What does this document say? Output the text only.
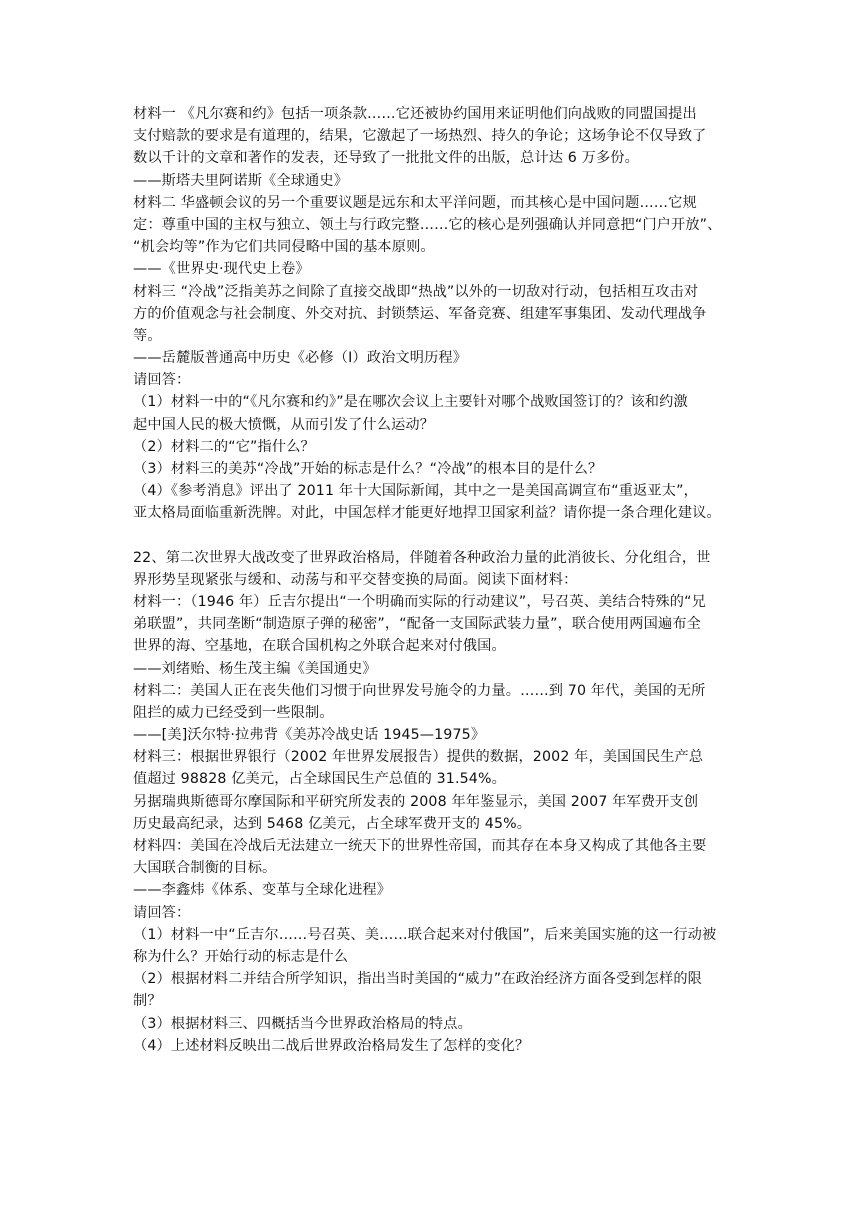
材料一 《凡尔赛和约》包括一项条款……它还被协约国用来证明他们向战败的同盟国提出
支付赔款的要求是有道理的，结果，它激起了一场热烈、持久的争论；这场争论不仅导致了
数以千计的文章和著作的发表，还导致了一批批文件的出版，总计达 6 万多份。
——斯塔夫里阿诺斯《全球通史》
材料二 华盛顿会议的另一个重要议题是远东和太平洋问题，而其核心是中国问题……它规
定：尊重中国的主权与独立、领土与行政完整……它的核心是列强确认并同意把“门户开放”、
“机会均等”作为它们共同侵略中国的基本原则。
——《世界史·现代史上卷》
材料三 “冷战”泛指美苏之间除了直接交战即“热战”以外的一切敌对行动，包括相互攻击对
方的价值观念与社会制度、外交对抗、封锁禁运、军备竞赛、组建军事集团、发动代理战争
等。
——岳麓版普通高中历史《必修（Ⅰ）政治文明历程》
请回答：
（1）材料一中的“《凡尔赛和约》”是在哪次会议上主要针对哪个战败国签订的？该和约激
起中国人民的极大愤慨，从而引发了什么运动？
（2）材料二的“它”指什么？
（3）材料三的美苏“冷战”开始的标志是什么？“冷战”的根本目的是什么？
（4）《参考消息》评出了 2011 年十大国际新闻，其中之一是美国高调宣布“重返亚太”，
亚太格局面临重新洗牌。对此，中国怎样才能更好地捍卫国家利益？请你提一条合理化建议。
22、第二次世界大战改变了世界政治格局，伴随着各种政治力量的此消彼长、分化组合，世
界形势呈现紧张与缓和、动荡与和平交替变换的局面。阅读下面材料：
材料一：（1946 年）丘吉尔提出“一个明确而实际的行动建议”，号召英、美结合特殊的“兄
弟联盟”，共同垄断“制造原子弹的秘密”，“配备一支国际武装力量”，联合使用两国遍布全
世界的海、空基地，在联合国机构之外联合起来对付俄国。
——刘绪贻、杨生茂主编《美国通史》
材料二：美国人正在丧失他们习惯于向世界发号施令的力量。……到 70 年代，美国的无所
阻拦的威力已经受到一些限制。
——[美]沃尔特·拉弗背《美苏冷战史话 1945—1975》
材料三：根据世界银行（2002 年世界发展报告）提供的数据，2002 年，美国国民生产总
值超过 98828 亿美元，占全球国民生产总值的 31.54%。
另据瑞典斯德哥尔摩国际和平研究所发表的 2008 年年鉴显示，美国 2007 年军费开支创
历史最高纪录，达到 5468 亿美元，占全球军费开支的 45%。
材料四：美国在冷战后无法建立一统天下的世界性帝国，而其存在本身又构成了其他各主要
大国联合制衡的目标。
——李鑫炜《体系、变革与全球化进程》
请回答：
（1）材料一中“丘吉尔……号召英、美……联合起来对付俄国”，后来美国实施的这一行动被
称为什么？开始行动的标志是什么
（2）根据材料二并结合所学知识，指出当时美国的“威力”在政治经济方面各受到怎样的限
制？
（3）根据材料三、四概括当今世界政治格局的特点。
（4）上述材料反映出二战后世界政治格局发生了怎样的变化？
